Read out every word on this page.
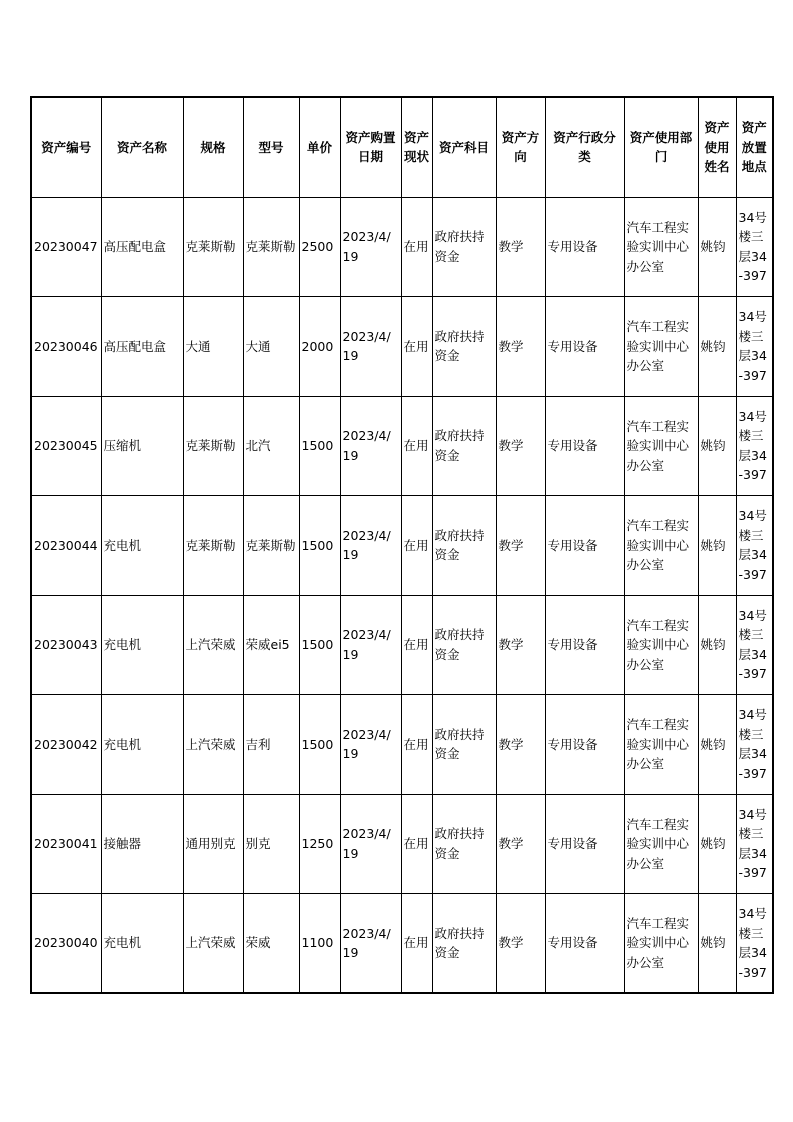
资产编号	资产名称	规格	型号	单价	资产购置日期	资产现状	资产科目	资产方向	资产行政分类	资产使用部门	资产使用姓名	资产放置地点
20230047	高压配电盒	克莱斯勒	克莱斯勒	2500	2023/4/19	在用	政府扶持资金	教学	专用设备	汽车工程实验实训中心办公室	姚钧	34号楼三层34-397
20230046	高压配电盒	大通	大通	2000	2023/4/19	在用	政府扶持资金	教学	专用设备	汽车工程实验实训中心办公室	姚钧	34号楼三层34-397
20230045	压缩机	克莱斯勒	北汽	1500	2023/4/19	在用	政府扶持资金	教学	专用设备	汽车工程实验实训中心办公室	姚钧	34号楼三层34-397
20230044	充电机	克莱斯勒	克莱斯勒	1500	2023/4/19	在用	政府扶持资金	教学	专用设备	汽车工程实验实训中心办公室	姚钧	34号楼三层34-397
20230043	充电机	上汽荣威	荣威ei5	1500	2023/4/19	在用	政府扶持资金	教学	专用设备	汽车工程实验实训中心办公室	姚钧	34号楼三层34-397
20230042	充电机	上汽荣威	吉利	1500	2023/4/19	在用	政府扶持资金	教学	专用设备	汽车工程实验实训中心办公室	姚钧	34号楼三层34-397
20230041	接触器	通用别克	别克	1250	2023/4/19	在用	政府扶持资金	教学	专用设备	汽车工程实验实训中心办公室	姚钧	34号楼三层34-397
20230040	充电机	上汽荣威	荣威	1100	2023/4/19	在用	政府扶持资金	教学	专用设备	汽车工程实验实训中心办公室	姚钧	34号楼三层34-397
